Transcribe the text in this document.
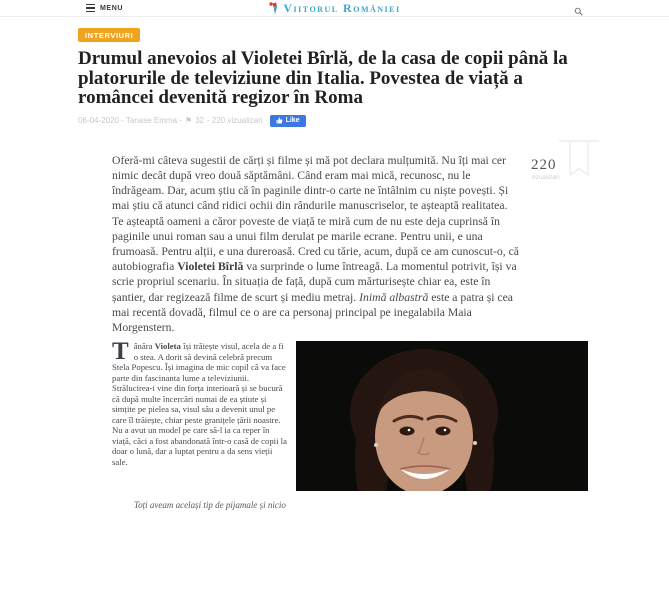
MENU	Viitorul României
INTERVIURI
Drumul anevoios al Violetei Bîrlă, de la casa de copii până la platorurile de televiziune din Italia. Povestea de viață a româncei devenită regizor în Roma
06-04-2020 - Tanase Emma - ⚑ 32 - 220 vizualizari	Like

Oferă-mi câteva sugestii de cărți și filme și mă pot declara mulțumită. Nu îți mai cer nimic decât după vreo două săptămâni. Când eram mai mică, recunosc, nu le îndrăgeam. Dar, acum știu că în paginile dintr-o carte ne întâlnim cu niște povești. Și mai știu că atunci când ridici ochii din rândurile manuscriselor, te așteaptă realitatea. Te așteaptă oameni a căror poveste de viață te miră cum de nu este deja cuprinsă în paginile unui roman sau a unui film derulat pe marile ecrane. Pentru unii, e una frumoasă. Pentru alții, e una dureroasă. Cred cu tărie, acum, după ce am cunoscut-o, că autobiografia Violetei Bîrlă va surprinde o lume întreagă. La momentul potrivit, își va scrie propriul scenariu. În situația de față, după cum mărturisește chiar ea, este în șantier, dar regizează filme de scurt și mediu metraj. Inimă albastră este a patra și cea mai recentă dovadă, filmul ce o are ca personaj principal pe inegalabila Maia Morgenstern.

220
vizualizari

Tânăra Violeta își trăiește visul, acela de a fi o stea. A dorit să devină celebră precum Stela Popescu. Își imagina de mic copil că va face parte din fascinanta lume a televiziunii. Strălucirea-i vine din forța interioară și se bucură că după multe încercări numai de ea știute și simțite pe pielea sa, visul său a devenit unul pe care îl trăiește, chiar peste granițele țării noastre. Nu a avut un model pe care să-l ia ca reper în viață, căci a fost abandonată într-o casă de copii la doar o lună, dar a luptat pentru a da sens vieții sale.

Toți aveam același tip de pijamale și nicio
